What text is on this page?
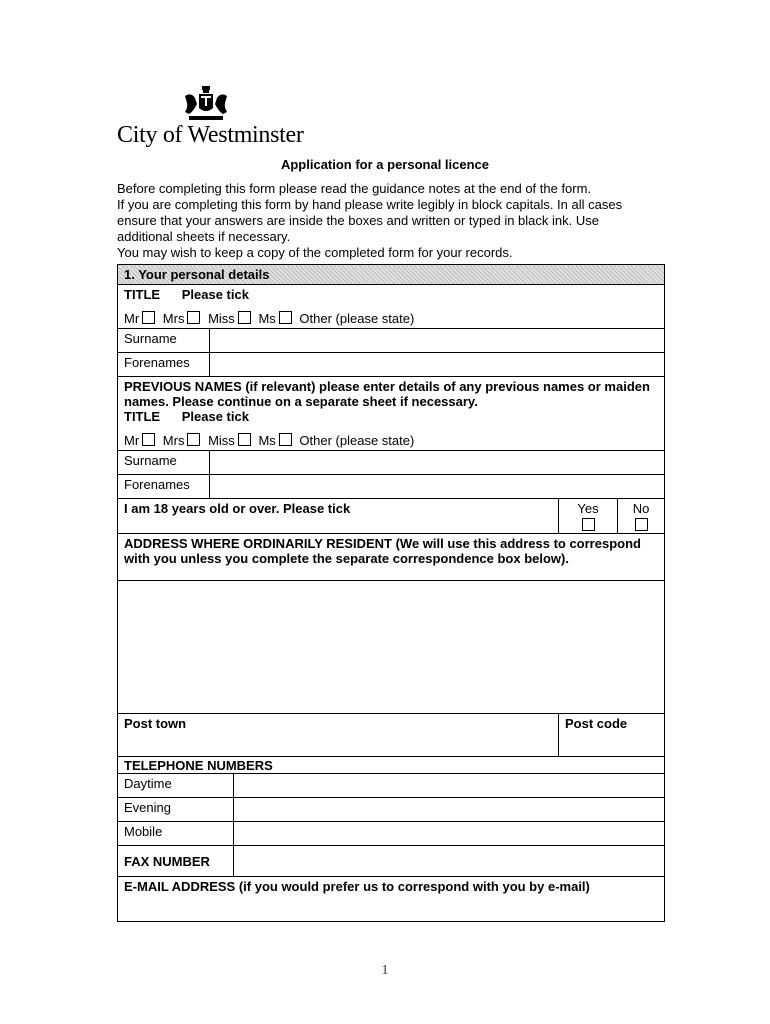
City of Westminster
Application for a personal licence

Before completing this form please read the guidance notes at the end of the form.

If you are completing this form by hand please write legibly in block capitals. In all cases ensure that your answers are inside the boxes and written or typed in black ink. Use additional sheets if necessary.

You may wish to keep a copy of the completed form for your records.

1. Your personal details				

TITLE Please tick
Mr Mrs Miss Ms Other (please state)				

Surname				
Forenames				

PREVIOUS NAMES (if relevant) please enter details of any previous names or maiden names. Please continue on a separate sheet if necessary.
TITLE Please tick
Mr Mrs Miss Ms Other (please state)				

Surname				
Forenames				
I am 18 years old or over. Please tick			Yes	No

ADDRESS WHERE ORDINARILY RESIDENT (We will use this address to correspond with you unless you complete the separate correspondence box below).				

Post town			Post code	
TELEPHONE NUMBERS				
Daytime				
Evening				
Mobile				
FAX NUMBER				
E-MAIL ADDRESS (if you would prefer us to correspond with you by e-mail)				
1
